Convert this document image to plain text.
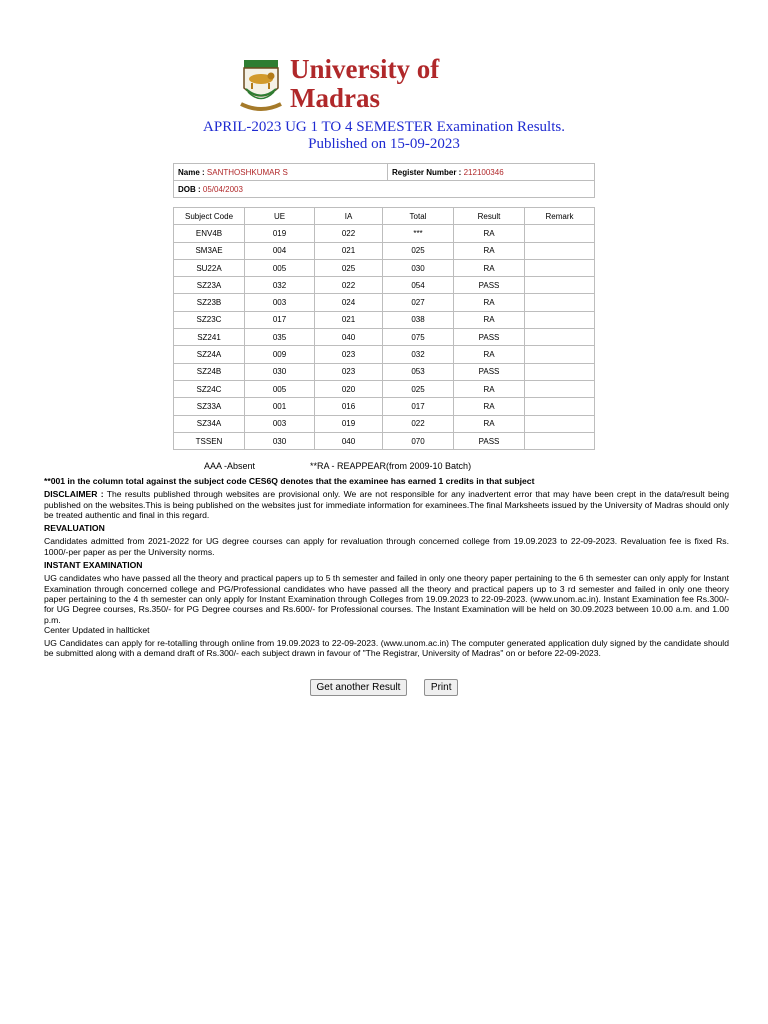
University of
Madras
APRIL-2023 UG 1 TO 4 SEMESTER Examination Results.
Published on 15-09-2023
Name : SANTHOSHKUMAR S	Register Number : 212100346
DOB : 05/04/2003
Subject Code	UE	IA	Total	Result	Remark
ENV4B	019	022	***	RA	
SM3AE	004	021	025	RA	
SU22A	005	025	030	RA	
SZ23A	032	022	054	PASS	
SZ23B	003	024	027	RA	
SZ23C	017	021	038	RA	
SZ241	035	040	075	PASS	
SZ24A	009	023	032	RA	
SZ24B	030	023	053	PASS	
SZ24C	005	020	025	RA	
SZ33A	001	016	017	RA	
SZ34A	003	019	022	RA	
TSSEN	030	040	070	PASS	
AAA -Absent	**RA - REAPPEAR(from 2009-10 Batch)

**001 in the column total against the subject code CES6Q denotes that the examinee has earned 1 credits in that subject

DISCLAIMER : The results published through websites are provisional only. We are not responsible for any inadvertent error that may have been crept in the data/result being published on the websites.This is being published on the websites just for immediate information for examinees.The final Marksheets issued by the University of Madras should only be treated authentic and final in this regard.

REVALUATION

Candidates admitted from 2021-2022 for UG degree courses can apply for revaluation through concerned college from 19.09.2023 to 22-09-2023. Revaluation fee is fixed Rs. 1000/-per paper as per the University norms.

INSTANT EXAMINATION

UG candidates who have passed all the theory and practical papers up to 5 th semester and failed in only one theory paper pertaining to the 6 th semester can only apply for Instant Examination through concerned college and PG/Professional candidates who have passed all the theory and practical papers up to 3 rd semester and failed in only one theory paper pertaining to the 4 th semester can only apply for Instant Examination through Colleges from 19.09.2023 to 22-09-2023. (www.unom.ac.in). Instant Examination fee Rs.300/- for UG Degree courses, Rs.350/- for PG Degree courses and Rs.600/- for Professional courses. The Instant Examination will be held on 30.09.2023 between 10.00 a.m. and 1.00 p.m.

Center Updated in hallticket

UG Candidates can apply for re-totalling through online from 19.09.2023 to 22-09-2023. (www.unom.ac.in) The computer generated application duly signed by the candidate should be submitted along with a demand draft of Rs.300/- each subject drawn in favour of "The Registrar, University of Madras" on or before 22-09-2023.

Get another Result	Print
